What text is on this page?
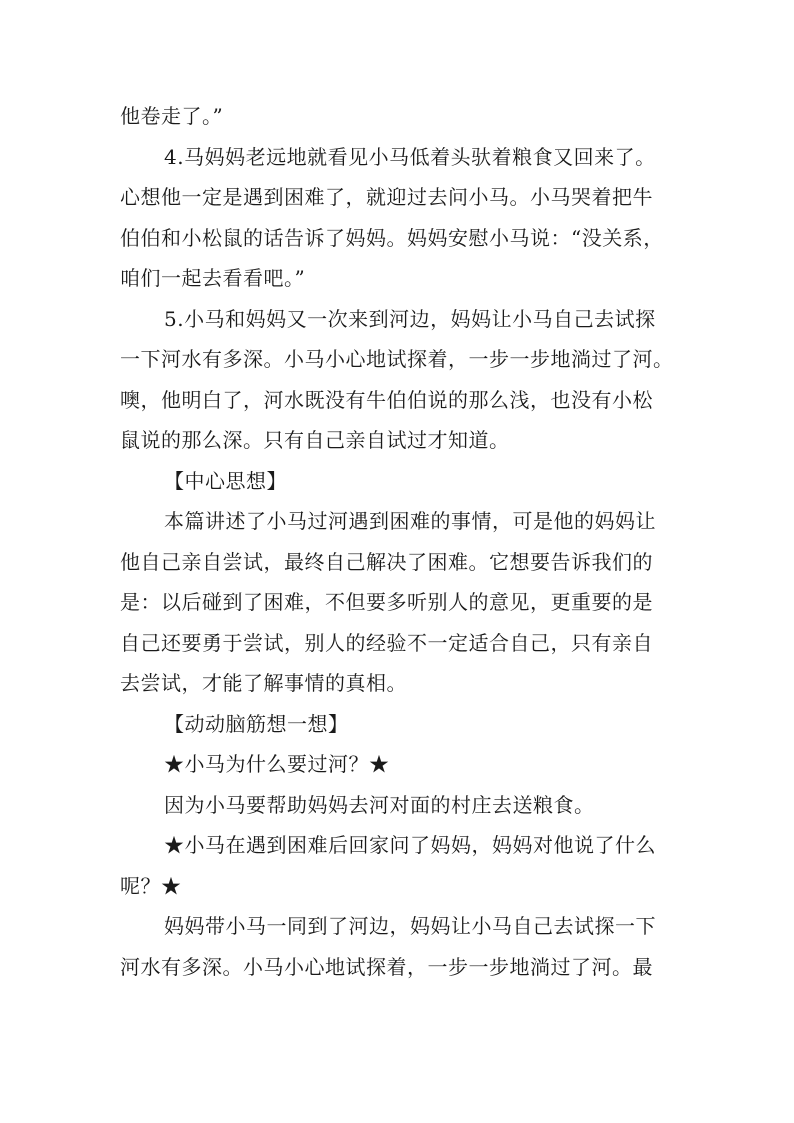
他卷走了。”
4.马妈妈老远地就看见小马低着头驮着粮食又回来了。
心想他一定是遇到困难了，就迎过去问小马。小马哭着把牛
伯伯和小松鼠的话告诉了妈妈。妈妈安慰小马说：“没关系，
咱们一起去看看吧。”
5.小马和妈妈又一次来到河边，妈妈让小马自己去试探
一下河水有多深。小马小心地试探着，一步一步地淌过了河。
噢，他明白了，河水既没有牛伯伯说的那么浅，也没有小松
鼠说的那么深。只有自己亲自试过才知道。
【中心思想】
本篇讲述了小马过河遇到困难的事情，可是他的妈妈让
他自己亲自尝试，最终自己解决了困难。它想要告诉我们的
是：以后碰到了困难，不但要多听别人的意见，更重要的是
自己还要勇于尝试，别人的经验不一定适合自己，只有亲自
去尝试，才能了解事情的真相。
【动动脑筋想一想】
★小马为什么要过河？★
因为小马要帮助妈妈去河对面的村庄去送粮食。
★小马在遇到困难后回家问了妈妈，妈妈对他说了什么
呢？★
妈妈带小马一同到了河边，妈妈让小马自己去试探一下
河水有多深。小马小心地试探着，一步一步地淌过了河。最
